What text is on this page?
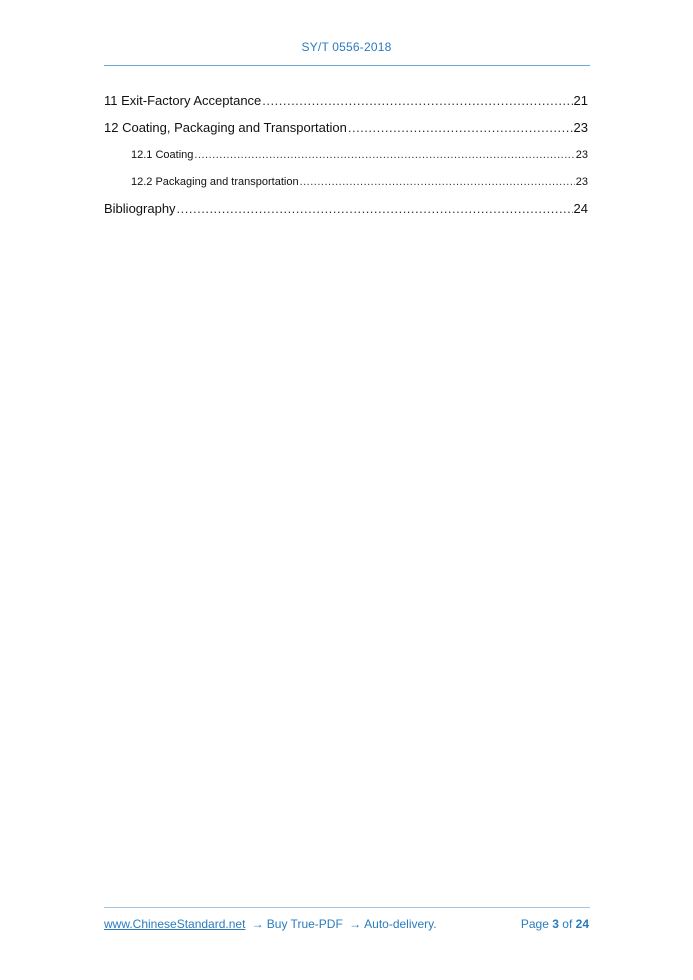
SY/T 0556-2018
11 Exit-Factory Acceptance .....	21
12 Coating, Packaging and Transportation .....	23
12.1 Coating .....	23
12.2 Packaging and transportation .....	23
Bibliography .....	24
www.ChineseStandard.net → Buy True-PDF → Auto-delivery.	Page 3 of 24
